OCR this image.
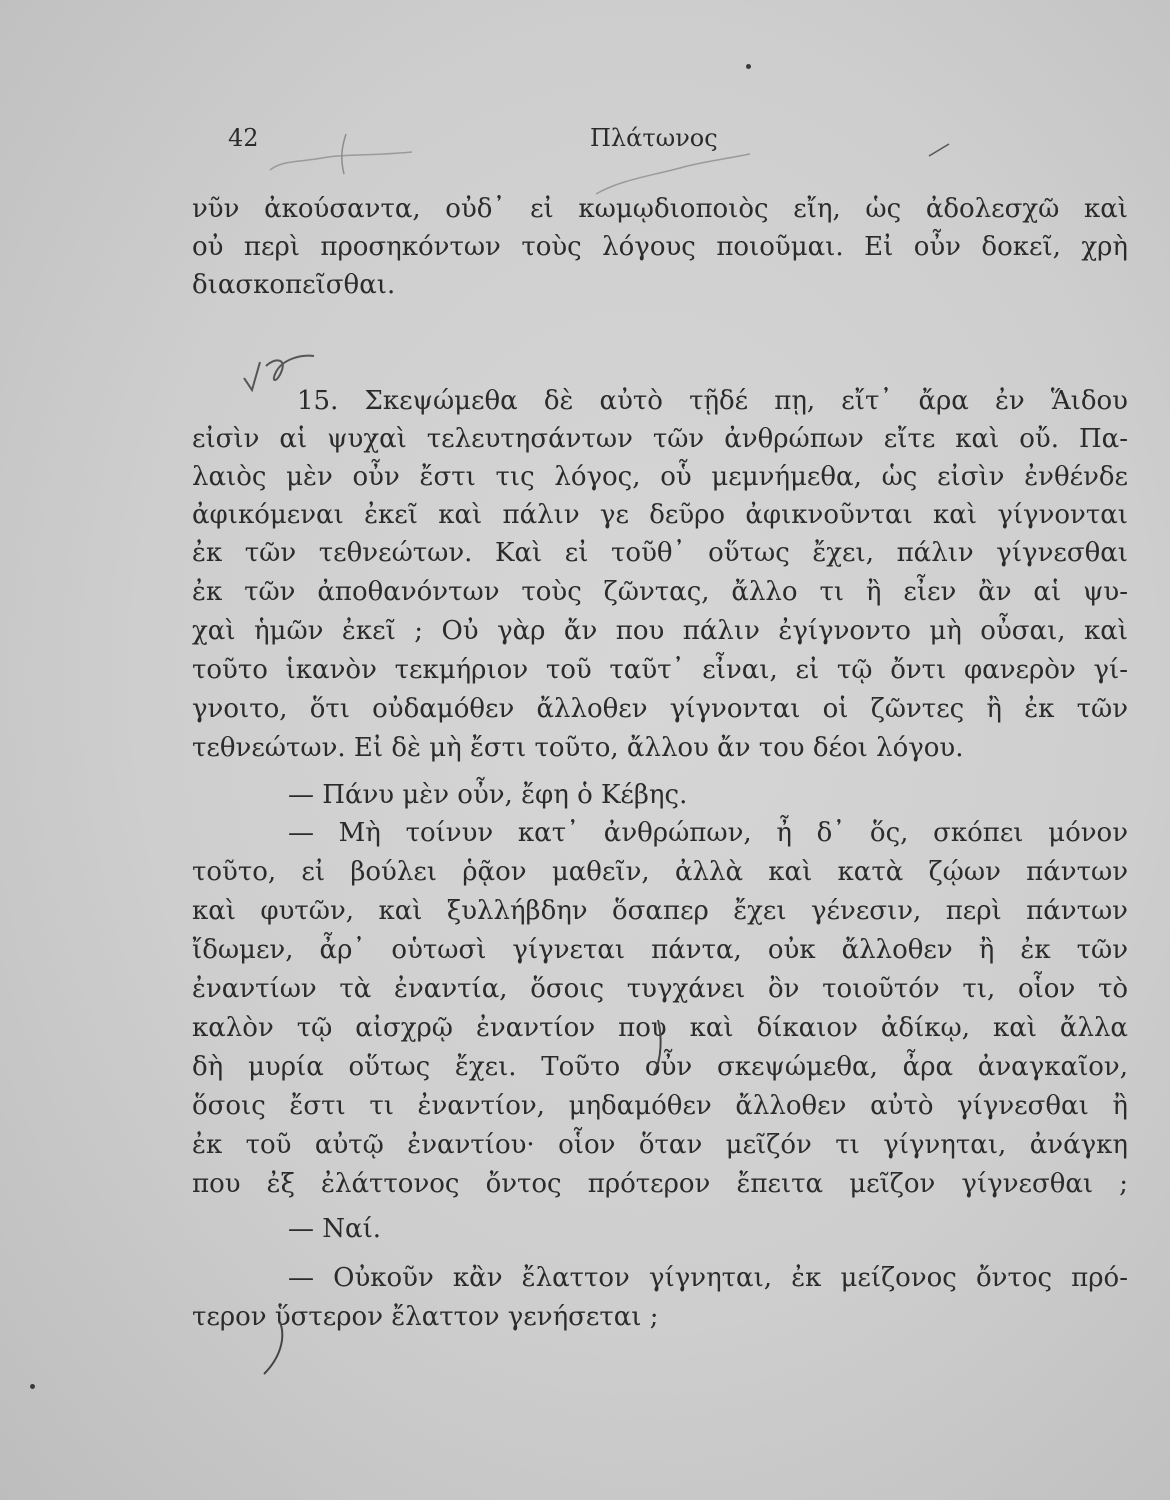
42	Πλάτωνος
νῦν ἀκούσαντα, οὐδ᾽ εἰ κωμῳδιοποιὸς εἴη, ὡς ἀδολεσχῶ καὶ
οὐ περὶ προσηκόντων τοὺς λόγους ποιοῦμαι. Εἰ οὖν δοκεῖ, χρὴ
διασκοπεῖσθαι.
15. Σκεψώμεθα δὲ αὐτὸ τῇδέ πῃ, εἴτ᾽ ἄρα ἐν Ἅιδου
εἰσὶν αἱ ψυχαὶ τελευτησάντων τῶν ἀνθρώπων εἴτε καὶ οὔ. Πα-
λαιὸς μὲν οὖν ἔστι τις λόγος, οὗ μεμνήμεθα, ὡς εἰσὶν ἐνθένδε
ἀφικόμεναι ἐκεῖ καὶ πάλιν γε δεῦρο ἀφικνοῦνται καὶ γίγνονται
ἐκ τῶν τεθνεώτων. Καὶ εἰ τοῦθ᾽ οὕτως ἔχει, πάλιν γίγνεσθαι
ἐκ τῶν ἀποθανόντων τοὺς ζῶντας, ἄλλο τι ἢ εἶεν ἂν αἱ ψυ-
χαὶ ἡμῶν ἐκεῖ ; Οὐ γὰρ ἄν που πάλιν ἐγίγνοντο μὴ οὖσαι, καὶ
τοῦτο ἱκανὸν τεκμήριον τοῦ ταῦτ᾽ εἶναι, εἰ τῷ ὄντι φανερὸν γί-
γνοιτο, ὅτι οὐδαμόθεν ἄλλοθεν γίγνονται οἱ ζῶντες ἢ ἐκ τῶν
τεθνεώτων. Εἰ δὲ μὴ ἔστι τοῦτο, ἄλλου ἄν του δέοι λόγου.
— Πάνυ μὲν οὖν, ἔφη ὁ Κέβης.
— Μὴ τοίνυν κατ᾽ ἀνθρώπων, ἦ δ᾽ ὅς, σκόπει μόνον
τοῦτο, εἰ βούλει ῥᾷον μαθεῖν, ἀλλὰ καὶ κατὰ ζῴων πάντων
καὶ φυτῶν, καὶ ξυλλήβδην ὅσαπερ ἔχει γένεσιν, περὶ πάντων
ἴδωμεν, ἆρ᾽ οὑτωσὶ γίγνεται πάντα, οὐκ ἄλλοθεν ἢ ἐκ τῶν
ἐναντίων τὰ ἐναντία, ὅσοις τυγχάνει ὂν τοιοῦτόν τι, οἷον τὸ
καλὸν τῷ αἰσχρῷ ἐναντίον που καὶ δίκαιον ἀδίκῳ, καὶ ἄλλα
δὴ μυρία οὕτως ἔχει. Τοῦτο οὖν σκεψώμεθα, ἆρα ἀναγκαῖον,
ὅσοις ἔστι τι ἐναντίον, μηδαμόθεν ἄλλοθεν αὐτὸ γίγνεσθαι ἢ
ἐκ τοῦ αὐτῷ ἐναντίου· οἷον ὅταν μεῖζόν τι γίγνηται, ἀνάγκη
που ἐξ ἐλάττονος ὄντος πρότερον ἔπειτα μεῖζον γίγνεσθαι ;
— Ναί.
— Οὐκοῦν κἂν ἔλαττον γίγνηται, ἐκ μείζονος ὄντος πρό-
τερον ὕστερον ἔλαττον γενήσεται ;
